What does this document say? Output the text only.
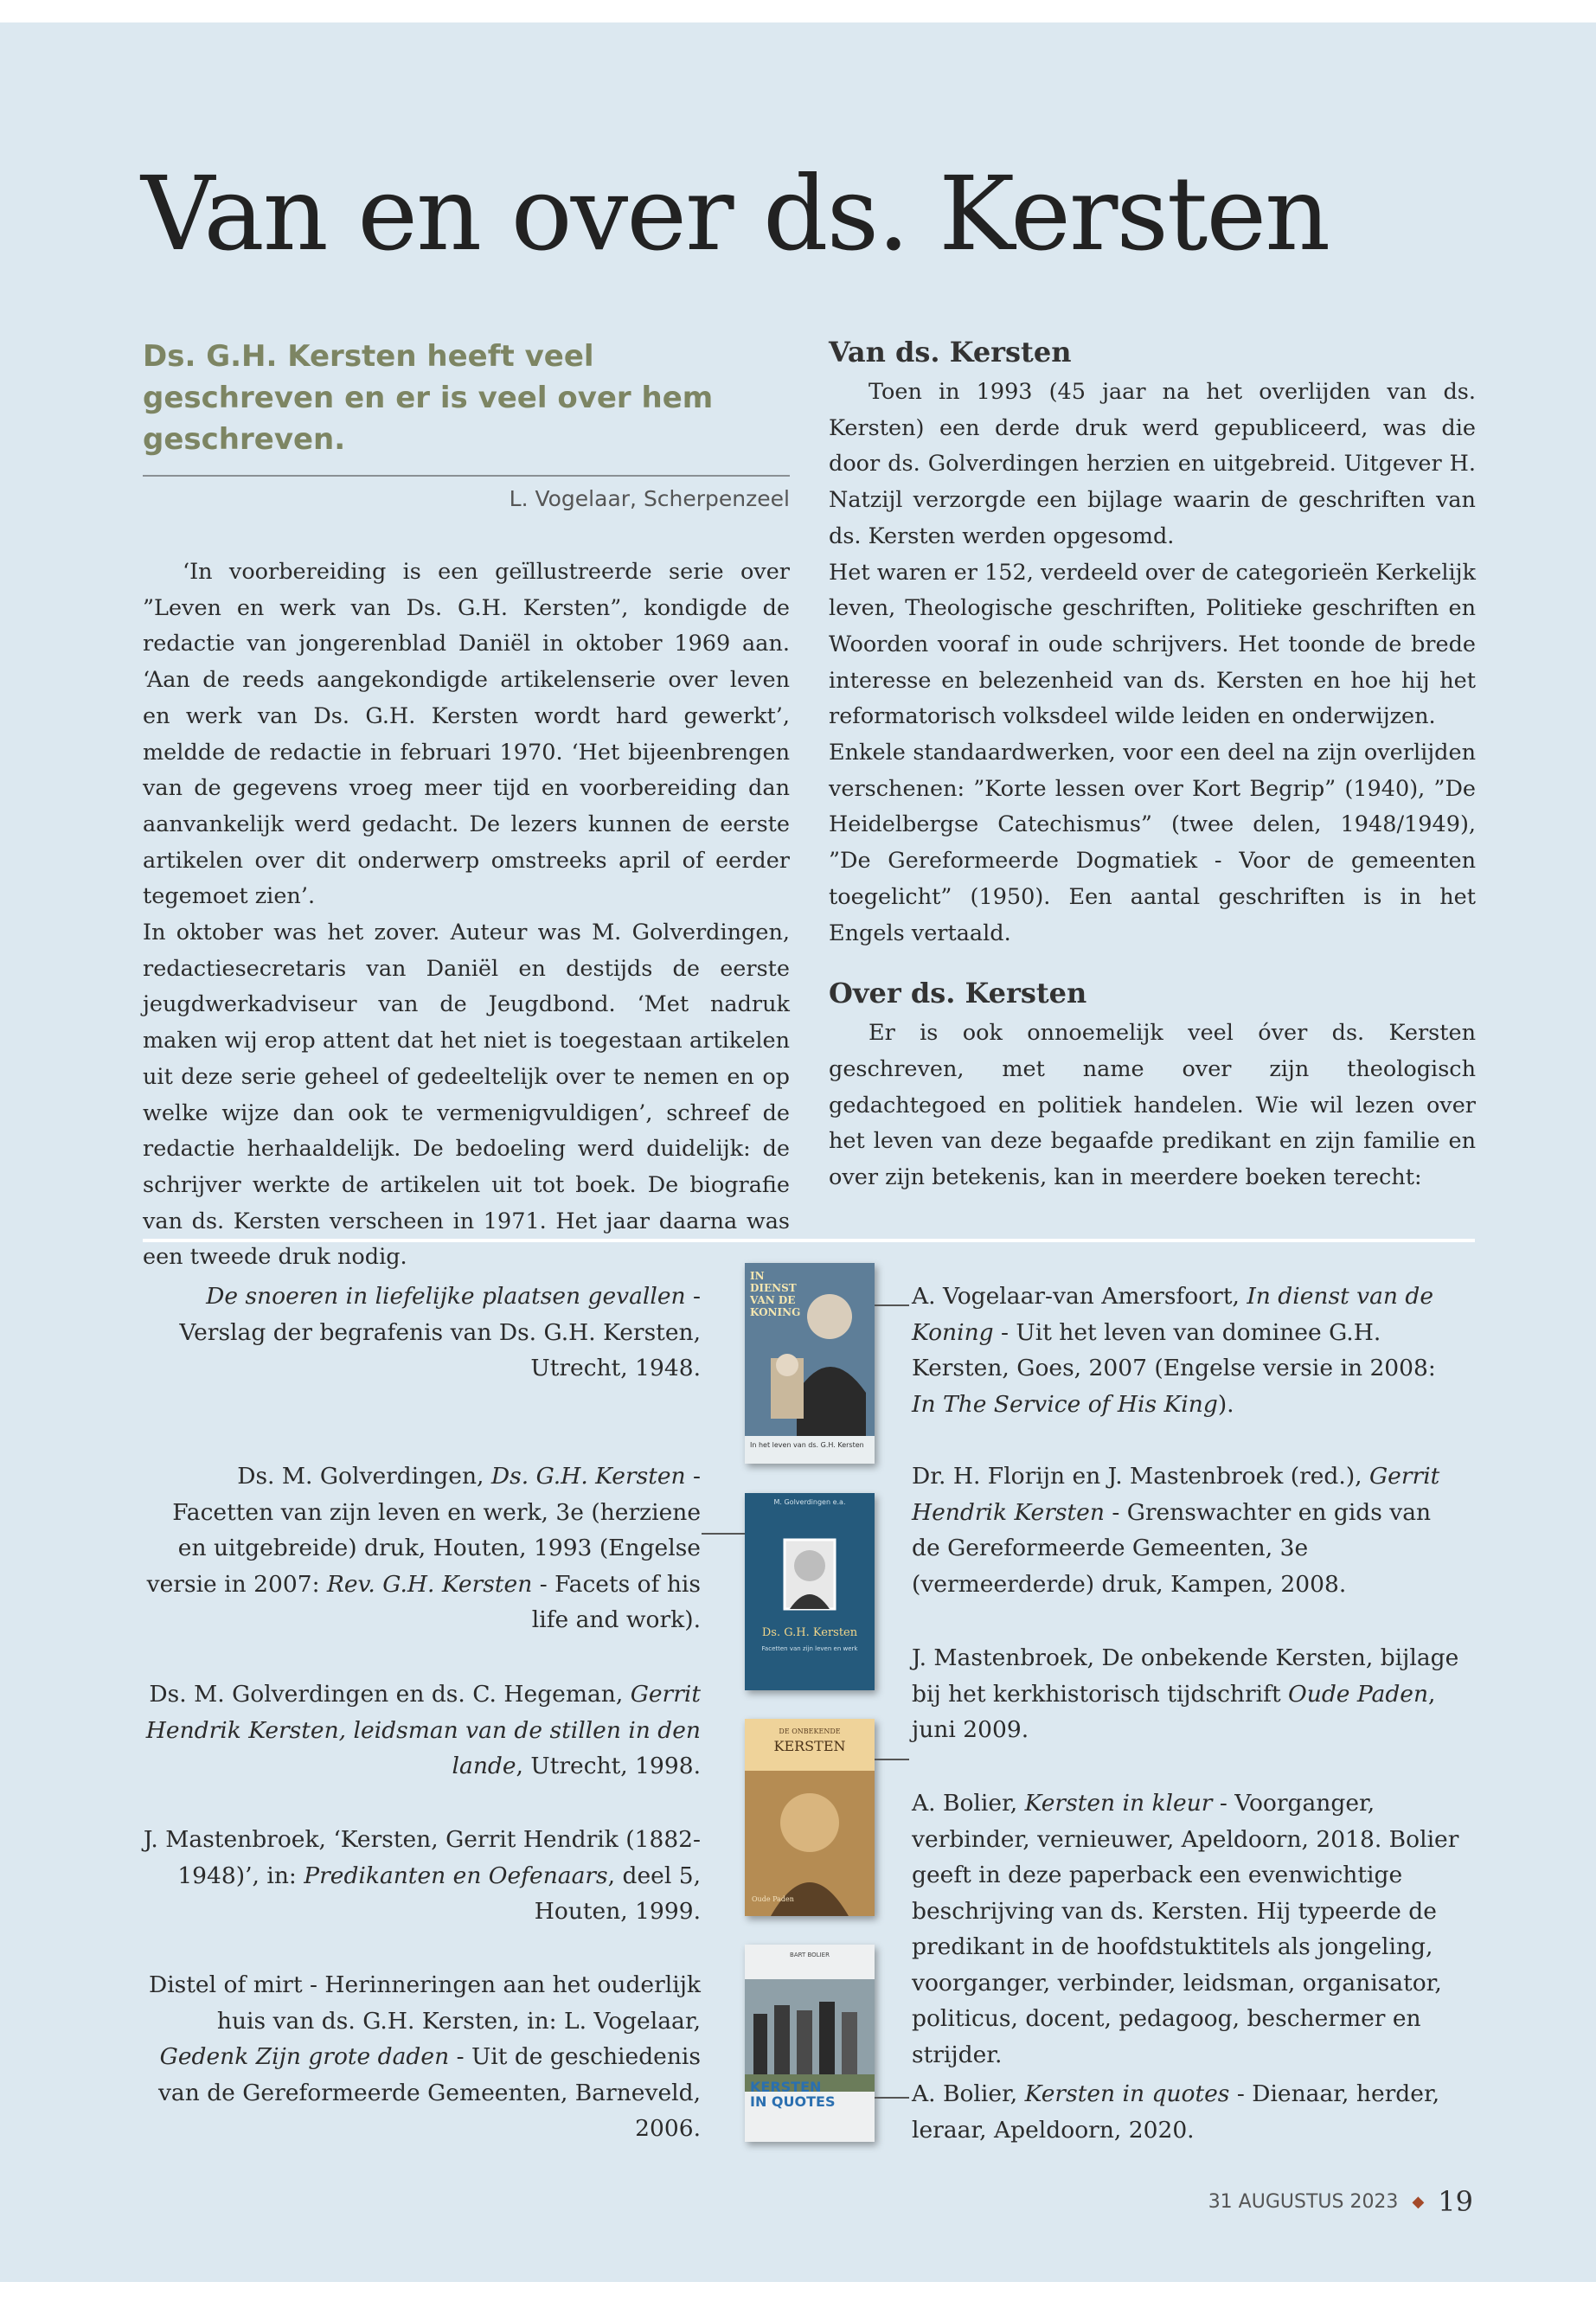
Van en over ds. Kersten

Ds. G.H. Kersten heeft veel geschreven en er is veel over hem geschreven.

L. Vogelaar, Scherpenzeel

‘In voorbereiding is een geïllustreerde serie over ”Leven en werk van Ds. G.H. Kersten”, kondigde de redactie van jongerenblad Daniël in oktober 1969 aan. ‘Aan de reeds aangekondigde artikelenserie over leven en werk van Ds. G.H. Kersten wordt hard gewerkt’, meldde de redactie in februari 1970. ‘Het bijeenbrengen van de gegevens vroeg meer tijd en voorbereiding dan aanvankelijk werd gedacht. De lezers kunnen de eerste artikelen over dit onderwerp omstreeks april of eerder tegemoet zien’.

In oktober was het zover. Auteur was M. Golverdingen, redactiesecretaris van Daniël en destijds de eerste jeugdwerkadviseur van de Jeugdbond. ‘Met nadruk maken wij erop attent dat het niet is toegestaan artikelen uit deze serie geheel of gedeeltelijk over te nemen en op welke wijze dan ook te vermenigvuldigen’, schreef de redactie herhaaldelijk. De bedoeling werd duidelijk: de schrijver werkte de artikelen uit tot boek. De biografie van ds. Kersten verscheen in 1971. Het jaar daarna was een tweede druk nodig.

Van ds. Kersten

Toen in 1993 (45 jaar na het overlijden van ds. Kersten) een derde druk werd gepubliceerd, was die door ds. Golverdingen herzien en uitgebreid. Uitgever H. Natzijl verzorgde een bijlage waarin de geschriften van ds. Kersten werden opgesomd.

Het waren er 152, verdeeld over de categorieën Kerkelijk leven, Theologische geschriften, Politieke geschriften en Woorden vooraf in oude schrijvers. Het toonde de brede interesse en belezenheid van ds. Kersten en hoe hij het reformatorisch volksdeel wilde leiden en onderwijzen.

Enkele standaardwerken, voor een deel na zijn overlijden verschenen: ”Korte lessen over Kort Begrip” (1940), ”De Heidelbergse Catechismus” (twee delen, 1948/1949), ”De Gereformeerde Dogmatiek - Voor de gemeenten toegelicht” (1950). Een aantal geschriften is in het Engels vertaald.

Over ds. Kersten

Er is ook onnoemelijk veel óver ds. Kersten geschreven, met name over zijn theologisch gedachtegoed en politiek handelen. Wie wil lezen over het leven van deze begaafde predikant en zijn familie en over zijn betekenis, kan in meerdere boeken terecht:

De snoeren in liefelijke plaatsen gevallen - Verslag der begrafenis van Ds. G.H. Kersten, Utrecht, 1948.
Ds. M. Golverdingen, Ds. G.H. Kersten - Facetten van zijn leven en werk, 3e (herziene en uitgebreide) druk, Houten, 1993 (Engelse versie in 2007: Rev. G.H. Kersten - Facets of his life and work).
Ds. M. Golverdingen en ds. C. Hegeman, Gerrit Hendrik Kersten, leidsman van de stillen in den lande, Utrecht, 1998.
J. Mastenbroek, ‘Kersten, Gerrit Hendrik (1882-1948)’, in: Predikanten en Oefenaars, deel 5, Houten, 1999.
Distel of mirt - Herinneringen aan het ouderlijk huis van ds. G.H. Kersten, in: L. Vogelaar, Gedenk Zijn grote daden - Uit de geschiedenis van de Gereformeerde Gemeenten, Barneveld, 2006.
A. Vogelaar-van Amersfoort, In dienst van de Koning - Uit het leven van dominee G.H. Kersten, Goes, 2007 (Engelse versie in 2008: In The Service of His King).
Dr. H. Florijn en J. Mastenbroek (red.), Gerrit Hendrik Kersten - Grenswachter en gids van de Gereformeerde Gemeenten, 3e (vermeerderde) druk, Kampen, 2008.
J. Mastenbroek, De onbekende Kersten, bijlage bij het kerkhistorisch tijdschrift Oude Paden, juni 2009.
A. Bolier, Kersten in kleur - Voorganger, verbinder, vernieuwer, Apeldoorn, 2018. Bolier geeft in deze paperback een evenwichtige beschrijving van ds. Kersten. Hij typeerde de predikant in de hoofdstuktitels als jongeling, voorganger, verbinder, leidsman, organisator, politicus, docent, pedagoog, beschermer en strijder.
A. Bolier, Kersten in quotes - Dienaar, herder, leraar, Apeldoorn, 2020.
IN DIENST VAN DE KONING
In het leven van ds. G.H. Kersten
M. Golverdingen e.a.
Ds. G.H. Kersten
Facetten van zijn leven en werk
DE ONBEKENDE
KERSTEN
Oude Paden
BART BOLIER
KERSTEN IN QUOTES
31 AUGUSTUS 2023 ◆ 19
